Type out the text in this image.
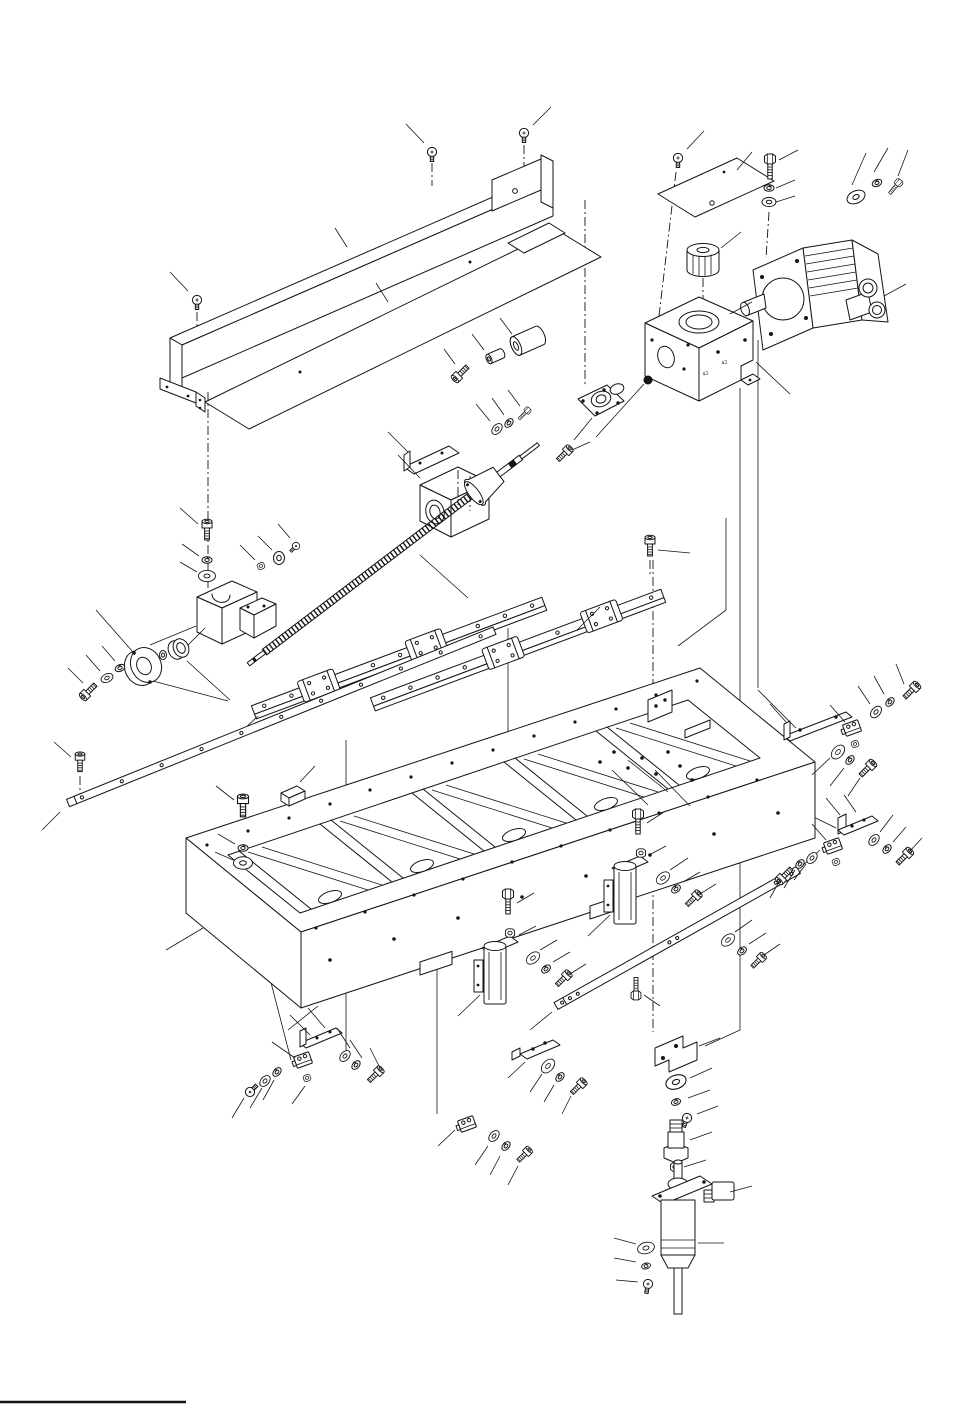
42
42
